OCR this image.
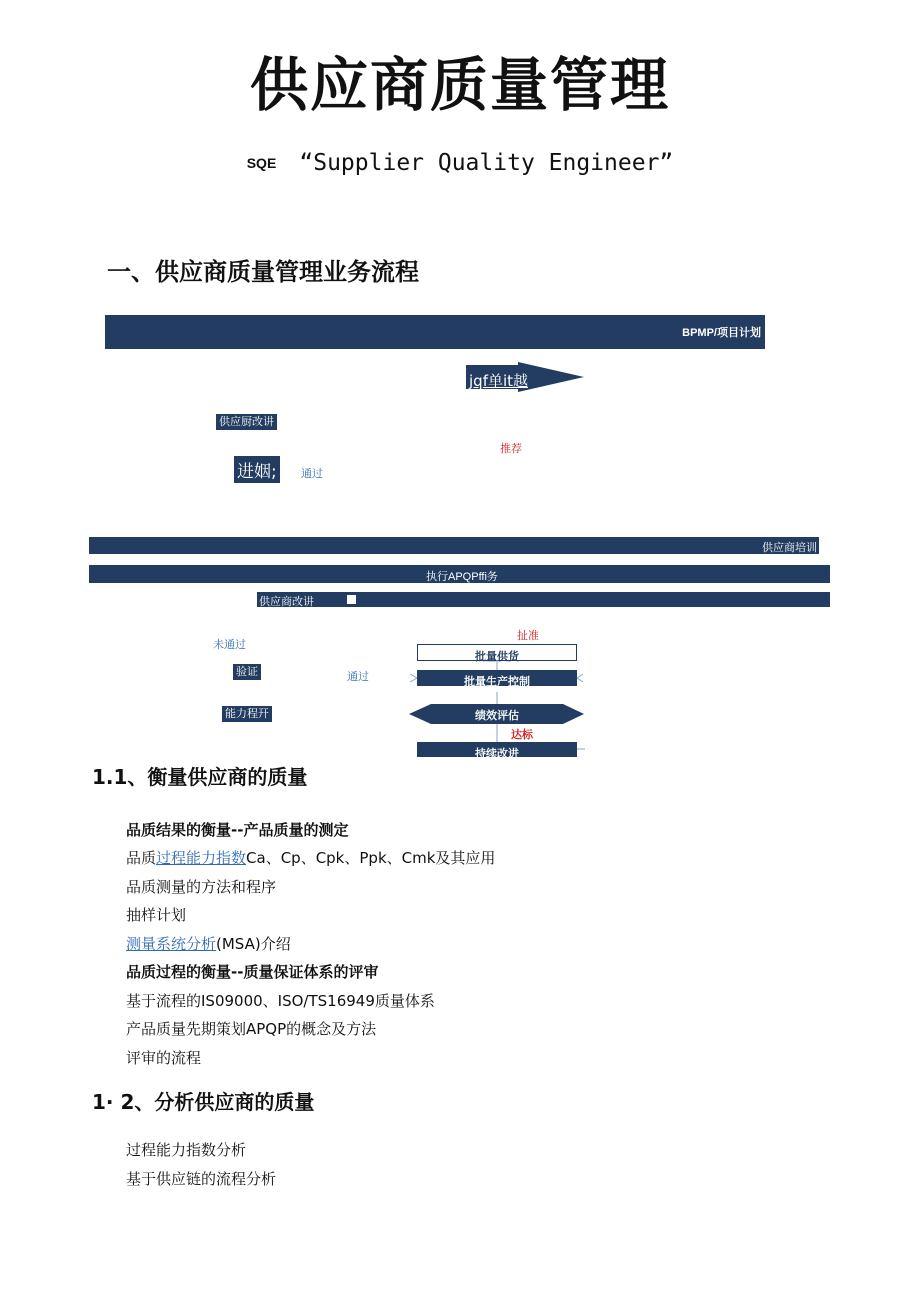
供应商质量管理
SQE “Supplier Quality Engineer”
一、供应商质量管理业务流程
BPMP/项目计划
jqf单it越
供应厨改讲
推荐
进姻; 通过
供应商培训
执行APQPffi务
供应商改讲
扯准
未通过
批量供货
验证	通过	批量生产控制
能力程幵	绩效评估
达标
持续改进
1.1、衡量供应商的质量
品质结果的衡量--产品质量的测定
品质过程能力指数Ca、Cp、Cpk、Ppk、Cmk及其应用
品质测量的方法和程序
抽样计划
测量系统分析(MSA)介绍
品质过程的衡量--质量保证体系的评审
基于流程的IS09000、ISO/TS16949质量体系
产品质量先期策划APQP的概念及方法
评审的流程
1· 2、分析供应商的质量
过程能力指数分析
基于供应链的流程分析
